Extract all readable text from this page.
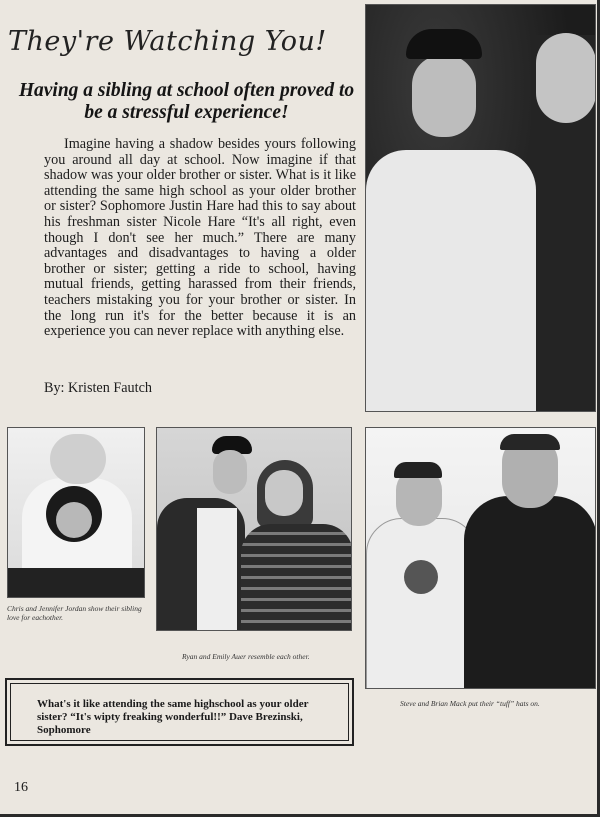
They're Watching You!
Having a sibling at school often proved to be a stressful experience!

Imagine having a shadow besides yours following you around all day at school. Now imagine if that shadow was your older brother or sister. What is it like attending the same high school as your older brother or sister? Sophomore Justin Hare had this to say about his freshman sister Nicole Hare “It's all right, even though I don't see her much.” There are many advantages and disadvantages to having a older brother or sister; getting a ride to school, having mutual friends, getting harassed from their friends, teachers mistaking you for your brother or sister. In the long run it's for the better because it is an experience you can never replace with anything else.

By: Kristen Fautch
Chris and Jennifer Jordan show their sibling love for eachother.
Ryan and Emily Auer resemble each other.
Steve and Brian Mack put their “tuff” hats on.
What's it like attending the same highschool as your older sister? “It's wipty freaking wonderful!!” Dave Brezinski, Sophomore
16
